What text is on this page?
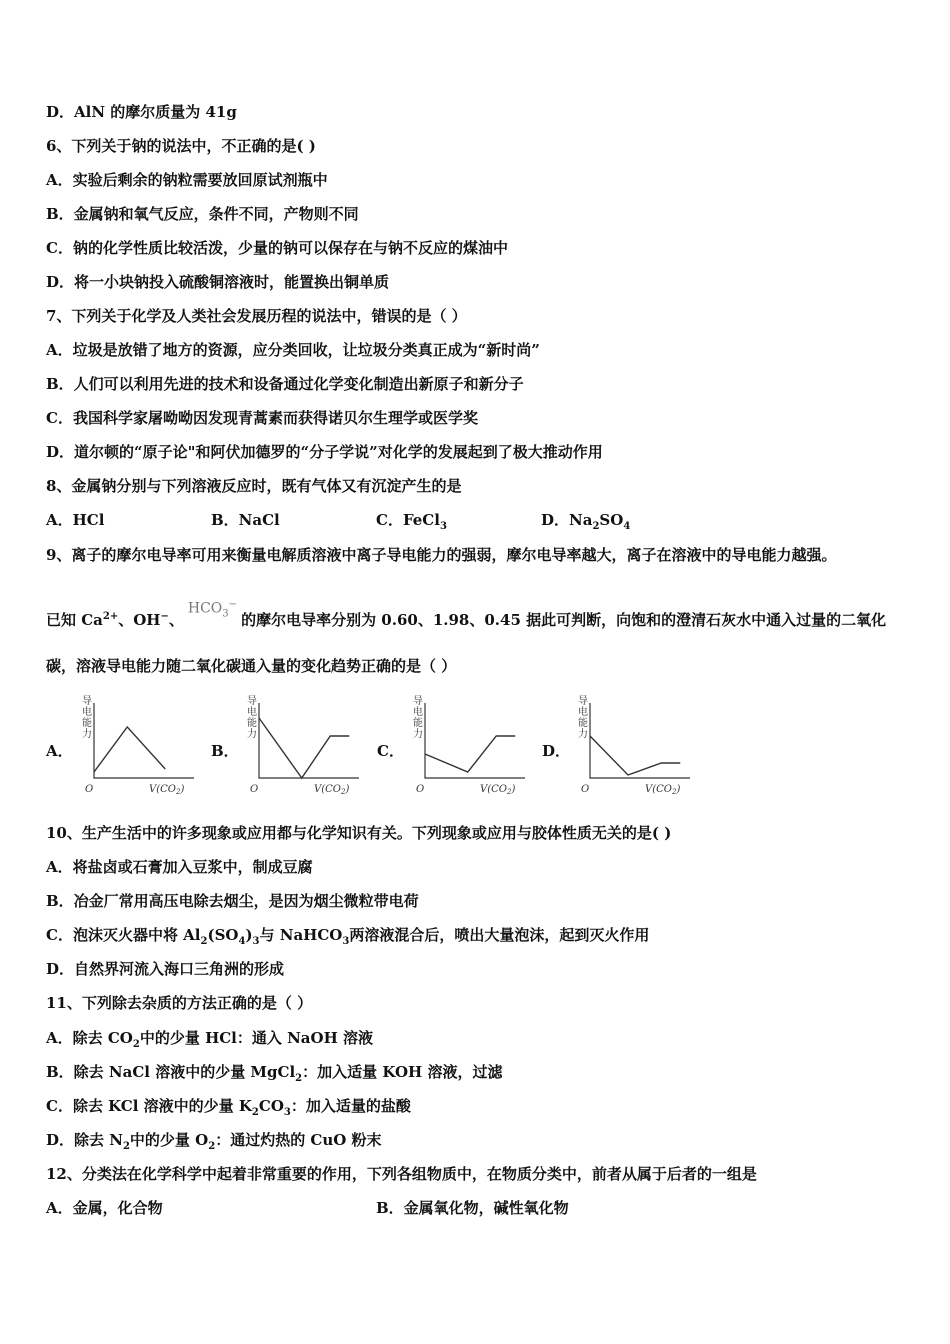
D．AlN 的摩尔质量为 41g
6、下列关于钠的说法中，不正确的是( )
A．实验后剩余的钠粒需要放回原试剂瓶中
B．金属钠和氧气反应，条件不同，产物则不同
C．钠的化学性质比较活泼，少量的钠可以保存在与钠不反应的煤油中
D．将一小块钠投入硫酸铜溶液时，能置换出铜单质
7、下列关于化学及人类社会发展历程的说法中，错误的是（ ）
A．垃圾是放错了地方的资源，应分类回收，让垃圾分类真正成为“新时尚”
B．人们可以利用先进的技术和设备通过化学变化制造出新原子和新分子
C．我国科学家屠呦呦因发现青蒿素而获得诺贝尔生理学或医学奖
D．道尔顿的“原子论"和阿伏加德罗的“分子学说”对化学的发展起到了极大推动作用
8、金属钠分别与下列溶液反应时，既有气体又有沉淀产生的是
A．HCl	B．NaCl	C．FeCl$_3$	D．$Na_2SO_4$
9、离子的摩尔电导率可用来衡量电解质溶液中离子导电能力的强弱，摩尔电导率越大，离子在溶液中的导电能力越强。
已知 $Ca^{2+}$、OH−、$HCO_3^-$的摩尔电导率分别为 0.60、1.98、0.45 据此可判断，向饱和的澄清石灰水中通入过量的二氧化
碳，溶液导电能力随二氧化碳通入量的变化趋势正确的是（ ）
A．
导
电
能
力
O	$V(CO_2)$
B．
导
电
能
力
O	$V(CO_2)$
C．
导
电
能
力
O	$V(CO_2)$
D．
导
电
能
力
O	$V(CO_2)$
10、生产生活中的许多现象或应用都与化学知识有关。下列现象或应用与胶体性质无关的是( )
A．将盐卤或石膏加入豆浆中，制成豆腐
B．冶金厂常用高压电除去烟尘，是因为烟尘微粒带电荷
C．泡沫灭火器中将 $Al_2(SO_4)_3$与 NaHCO$_3$两溶液混合后，喷出大量泡沫，起到灭火作用
D．自然界河流入海口三角洲的形成
11、下列除去杂质的方法正确的是（ ）
A．除去 $CO_2$中的少量 HCl：通入 NaOH 溶液
B．除去 NaCl 溶液中的少量 MgCl$_2$：加入适量 KOH 溶液，过滤
C．除去 KCl 溶液中的少量 $K_2CO_3$：加入适量的盐酸
D．除去 $N_2$中的少量 $O_2$：通过灼热的 CuO 粉末
12、分类法在化学科学中起着非常重要的作用，下列各组物质中，在物质分类中，前者从属于后者的一组是
A．金属，化合物	B．金属氧化物，碱性氧化物
